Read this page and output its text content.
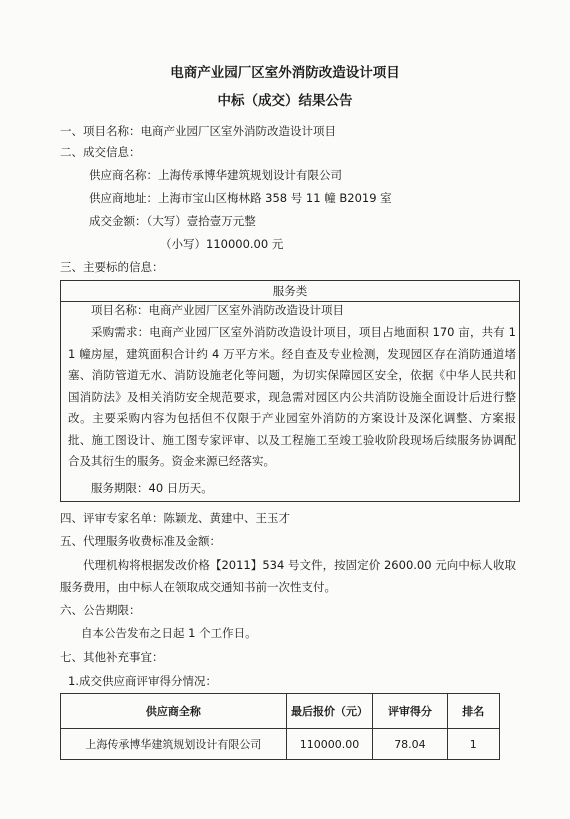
电商产业园厂区室外消防改造设计项目
中标（成交）结果公告
一、项目名称：电商产业园厂区室外消防改造设计项目
二、成交信息：
供应商名称：上海传承博华建筑规划设计有限公司
供应商地址：上海市宝山区梅林路 358 号 11 幢 B2019 室
成交金额：（大写）壹拾壹万元整
（小写）110000.00 元
三、主要标的信息：
服务类
项目名称：电商产业园厂区室外消防改造设计项目
采购需求：电商产业园厂区室外消防改造设计项目，项目占地面积 170 亩，共有 11 幢房屋，建筑面积合计约 4 万平方米。经自查及专业检测，发现园区存在消防通道堵塞、消防管道无水、消防设施老化等问题，为切实保障园区安全，依据《中华人民共和国消防法》及相关消防安全规范要求，现急需对园区内公共消防设施全面设计后进行整改。主要采购内容为包括但不仅限于产业园室外消防的方案设计及深化调整、方案报批、施工图设计、施工图专家评审、以及工程施工至竣工验收阶段现场后续服务协调配合及其衍生的服务。资金来源已经落实。
服务期限：40 日历天。
四、评审专家名单：陈颖龙、黄建中、王玉才
五、代理服务收费标准及金额：
代理机构将根据发改价格【2011】534 号文件，按固定价 2600.00 元向中标人收取服务费用，由中标人在领取成交通知书前一次性支付。
六、公告期限：
自本公告发布之日起 1 个工作日。
七、其他补充事宜：
1.成交供应商评审得分情况：
供应商全称	最后报价（元）	评审得分	排名
上海传承博华建筑规划设计有限公司	110000.00	78.04	1
